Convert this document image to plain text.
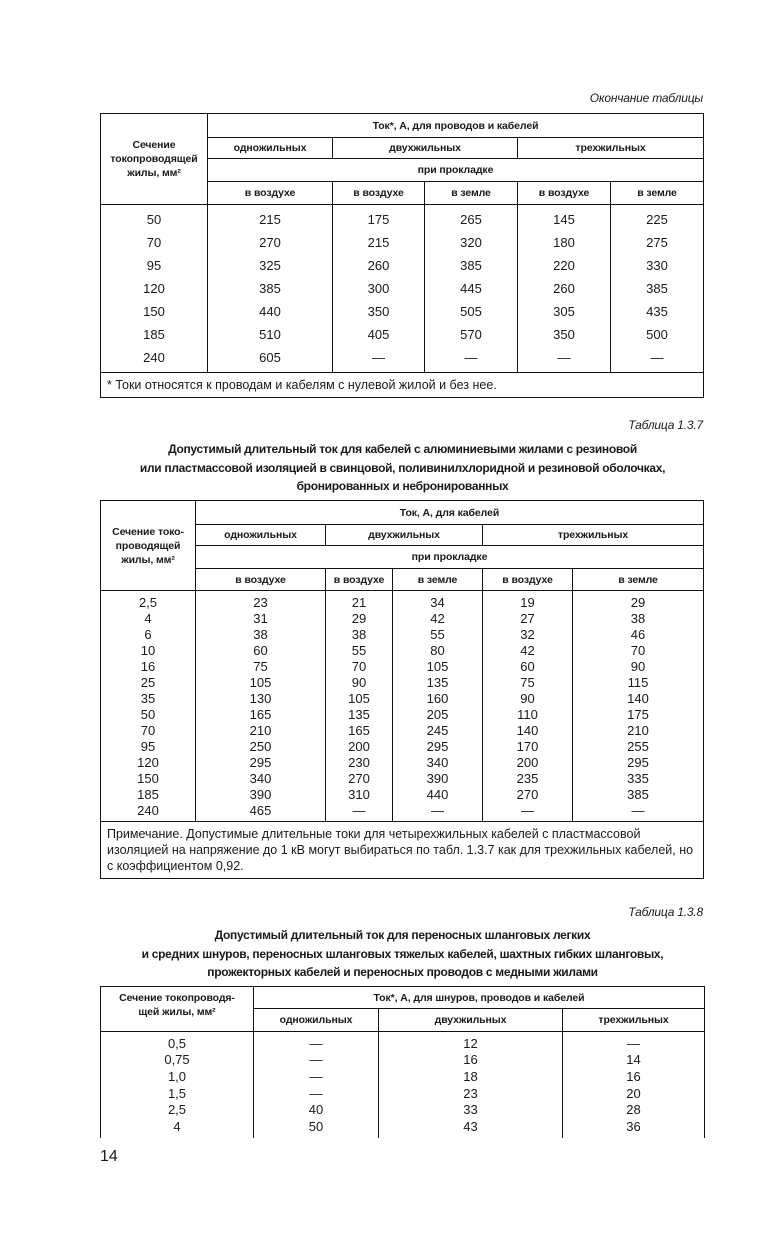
Окончание таблицы
Сечение токопроводящей жилы, мм²	Ток*, А, для проводов и кабелей				
	одножильных	двухжильных		трехжильных	
	при прокладке				
	в воздухе	в воздухе	в земле	в воздухе	в земле
50	215	175	265	145	225
70	270	215	320	180	275
95	325	260	385	220	330
120	385	300	445	260	385
150	440	350	505	305	435
185	510	405	570	350	500
240	605	—	—	—	—
* Токи относятся к проводам и кабелям с нулевой жилой и без нее.					
Таблица 1.3.7
Допустимый длительный ток для кабелей с алюминиевыми жилами с резиновой
или пластмассовой изоляцией в свинцовой, поливинилхлоридной и резиновой оболочках,
бронированных и небронированных
Сечение токо-проводящей жилы, мм²	Ток, А, для кабелей				
	одножильных	двухжильных		трехжильных	
	при прокладке				
	в воздухе	в воздухе	в земле	в воздухе	в земле
2,5	23	21	34	19	29
4	31	29	42	27	38
6	38	38	55	32	46
10	60	55	80	42	70
16	75	70	105	60	90
25	105	90	135	75	115
35	130	105	160	90	140
50	165	135	205	110	175
70	210	165	245	140	210
95	250	200	295	170	255
120	295	230	340	200	295
150	340	270	390	235	335
185	390	310	440	270	385
240	465	—	—	—	—
Примечание. Допустимые длительные токи для четырехжильных кабелей с пластмассовой изоляцией на напряжение до 1 кВ могут выбираться по табл. 1.3.7 как для трехжильных кабелей, но с коэффициентом 0,92.					
Таблица 1.3.8
Допустимый длительный ток для переносных шланговых легких
и средних шнуров, переносных шланговых тяжелых кабелей, шахтных гибких шланговых,
прожекторных кабелей и переносных проводов с медными жилами
Сечение токопроводя-щей жилы, мм²	Ток*, А, для шнуров, проводов и кабелей		
	одножильных	двухжильных	трехжильных
0,5	—	12	—
0,75	—	16	14
1,0	—	18	16
1,5	—	23	20
2,5	40	33	28
4	50	43	36
14
